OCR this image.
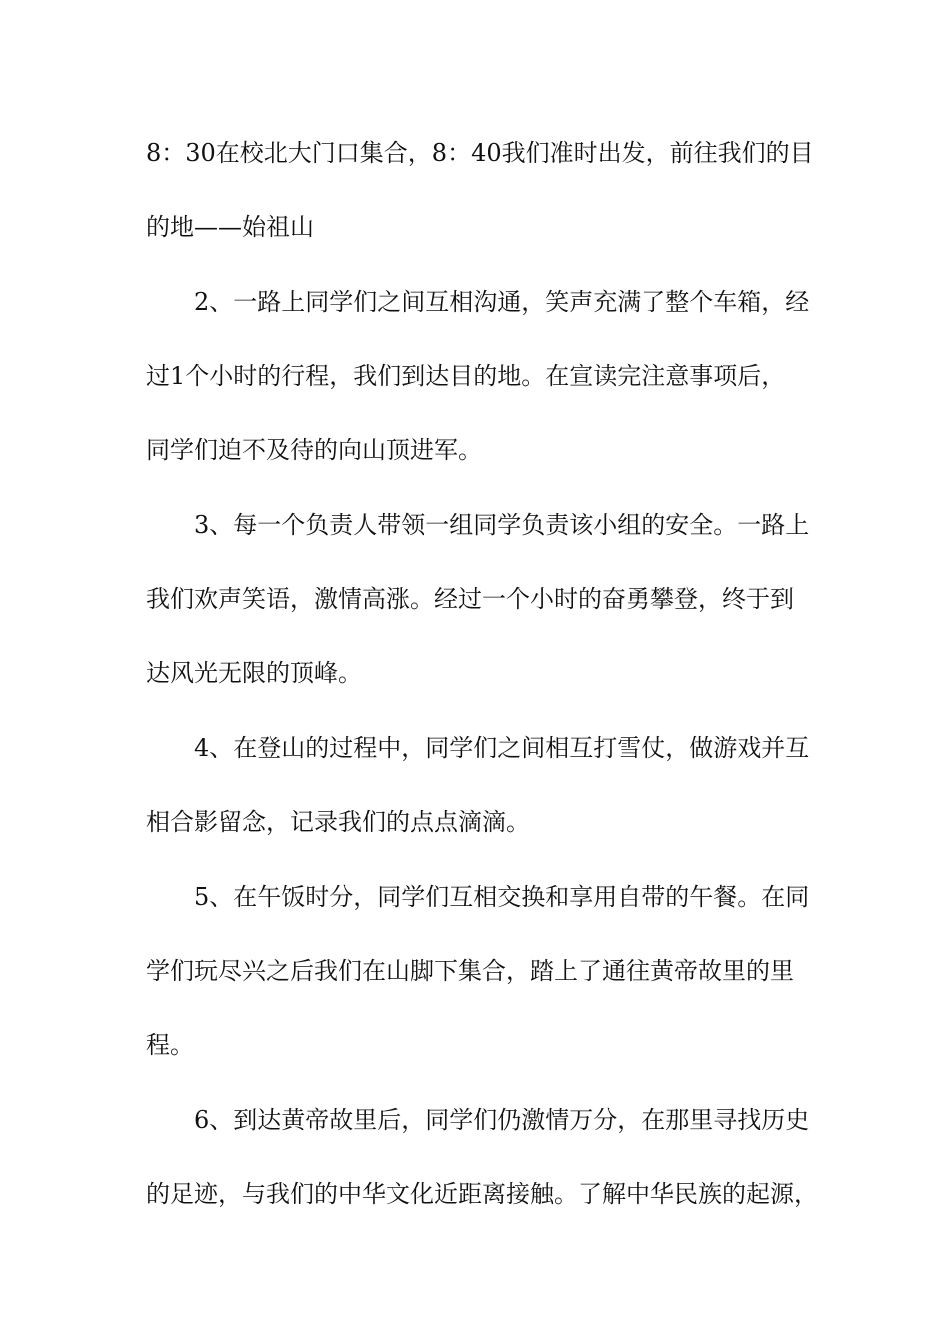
8：30在校北大门口集合，8：40我们准时出发，前往我们的目
的地——始祖山
2、一路上同学们之间互相沟通，笑声充满了整个车箱，经
过1个小时的行程，我们到达目的地。在宣读完注意事项后，
同学们迫不及待的向山顶进军。
3、每一个负责人带领一组同学负责该小组的安全。一路上
我们欢声笑语，激情高涨。经过一个小时的奋勇攀登，终于到
达风光无限的顶峰。
4、在登山的过程中，同学们之间相互打雪仗，做游戏并互
相合影留念，记录我们的点点滴滴。
5、在午饭时分，同学们互相交换和享用自带的午餐。在同
学们玩尽兴之后我们在山脚下集合，踏上了通往黄帝故里的里
程。
6、到达黄帝故里后，同学们仍激情万分，在那里寻找历史
的足迹，与我们的中华文化近距离接触。了解中华民族的起源，
